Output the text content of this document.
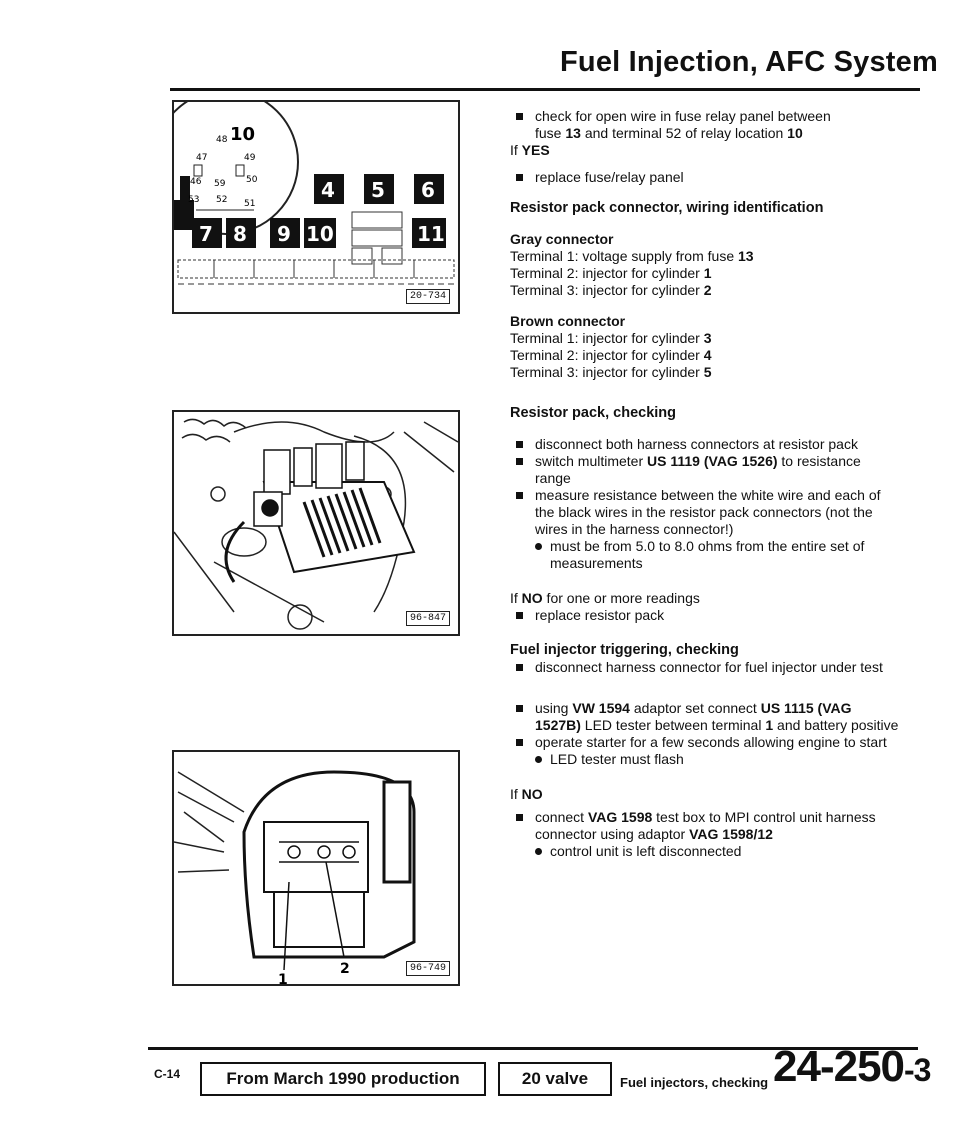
Fuel Injection, AFC System
10
47
48
49
46 59 50
53 52 51
4 5 6
7 8 9 10	11
20-734
96-847
1
2	96-749

check for open wire in fuse relay panel between
fuse 13 and terminal 52 of relay location 10

If YES

replace fuse/relay panel

Resistor pack connector, wiring identification

Gray connector

Terminal 1: voltage supply from fuse 13

Terminal 2: injector for cylinder 1

Terminal 3: injector for cylinder 2

Brown connector

Terminal 1: injector for cylinder 3

Terminal 2: injector for cylinder 4

Terminal 3: injector for cylinder 5

Resistor pack, checking

disconnect both harness connectors at resistor pack

switch multimeter US 1119 (VAG 1526) to resistance range

measure resistance between the white wire and each of the black wires in the resistor pack connectors (not the wires in the harness connector!)

must be from 5.0 to 8.0 ohms from the entire set of measurements

If NO for one or more readings

replace resistor pack

Fuel injector triggering, checking

disconnect harness connector for fuel injector under test

using VW 1594 adaptor set connect US 1115 (VAG 1527B) LED tester between terminal 1 and battery positive

operate starter for a few seconds allowing engine to start

LED tester must flash

If NO

connect VAG 1598 test box to MPI control unit harness connector using adaptor VAG 1598/12

control unit is left disconnected

C-14	From March 1990 production	20 valve	Fuel injectors, checking 24-250-3
